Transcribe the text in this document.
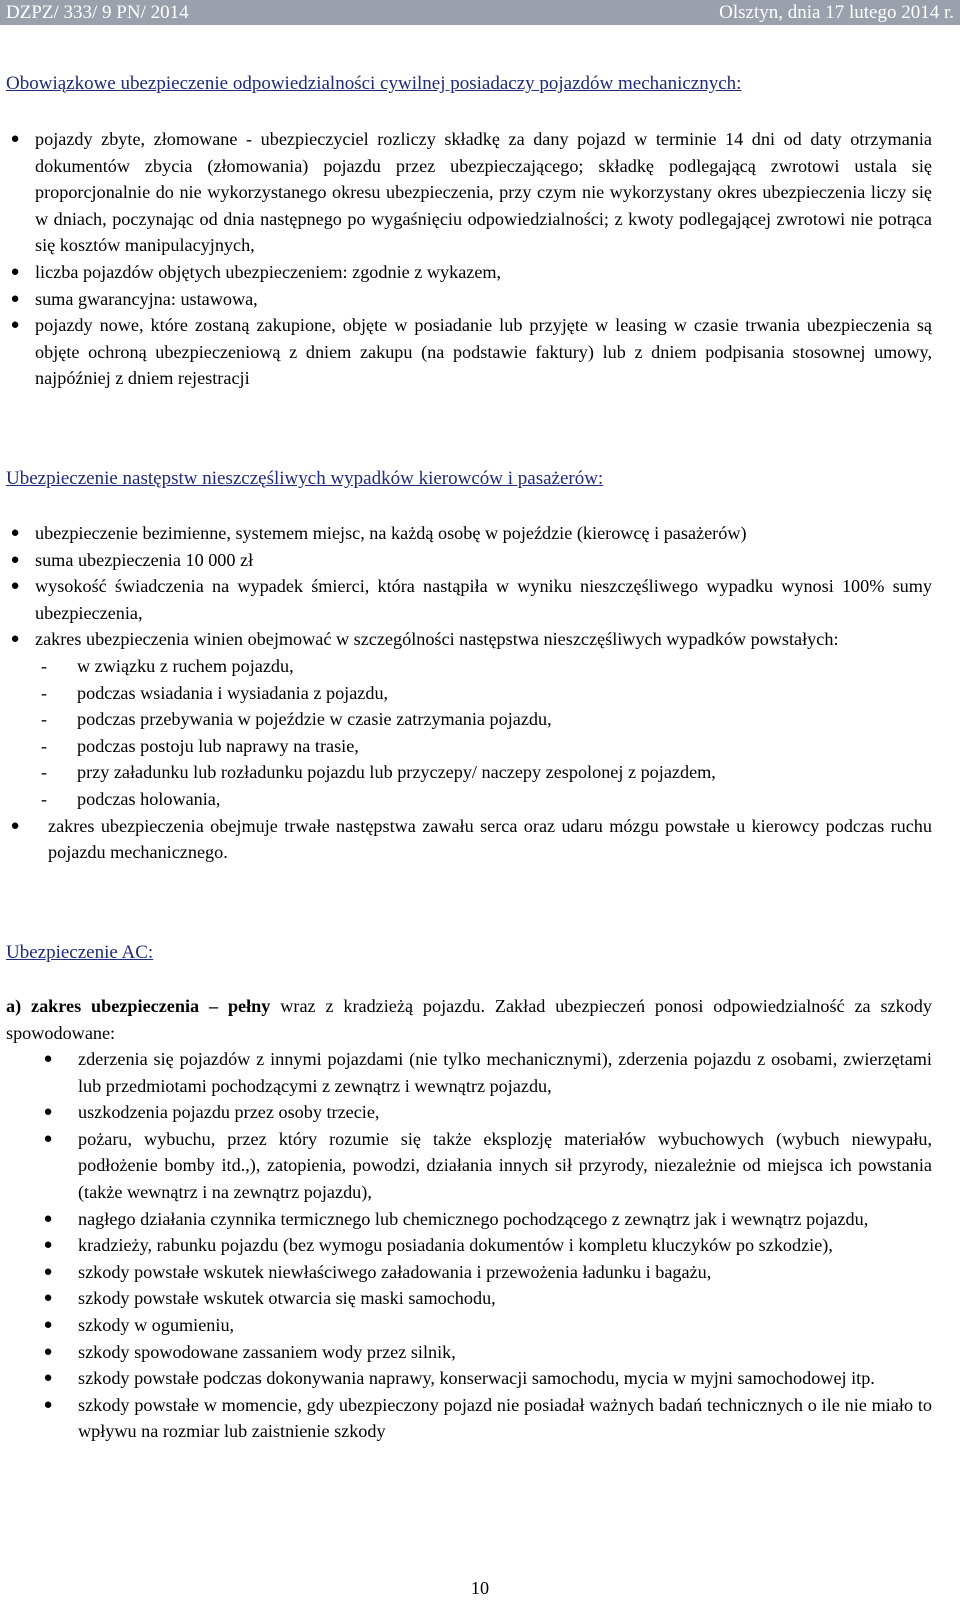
DZPZ/ 333/ 9 PN/ 2014	Olsztyn, dnia 17 lutego 2014 r.
Obowiązkowe ubezpieczenie odpowiedzialności cywilnej posiadaczy pojazdów mechanicznych:
● pojazdy zbyte, złomowane - ubezpieczyciel rozliczy składkę za dany pojazd w terminie 14 dni od daty otrzymania dokumentów zbycia (złomowania) pojazdu przez ubezpieczającego; składkę podlegającą zwrotowi ustala się proporcjonalnie do nie wykorzystanego okresu ubezpieczenia, przy czym nie wykorzystany okres ubezpieczenia liczy się w dniach, poczynając od dnia następnego po wygaśnięciu odpowiedzialności; z kwoty podlegającej zwrotowi nie potrąca się kosztów manipulacyjnych,
● liczba pojazdów objętych ubezpieczeniem: zgodnie z wykazem,
● suma gwarancyjna: ustawowa,
● pojazdy nowe, które zostaną zakupione, objęte w posiadanie lub przyjęte w leasing w czasie trwania ubezpieczenia są objęte ochroną ubezpieczeniową z dniem zakupu (na podstawie faktury) lub z dniem podpisania stosownej umowy, najpóźniej z dniem rejestracji
Ubezpieczenie następstw nieszczęśliwych wypadków kierowców i pasażerów:
● ubezpieczenie bezimienne, systemem miejsc, na każdą osobę w pojeździe (kierowcę i pasażerów)
● suma ubezpieczenia 10 000 zł
● wysokość świadczenia na wypadek śmierci, która nastąpiła w wyniku nieszczęśliwego wypadku wynosi 100% sumy ubezpieczenia,
● zakres ubezpieczenia winien obejmować w szczególności następstwa nieszczęśliwych wypadków powstałych:
- w związku z ruchem pojazdu,
- podczas wsiadania i wysiadania z pojazdu,
- podczas przebywania w pojeździe w czasie zatrzymania pojazdu,
- podczas postoju lub naprawy na trasie,
- przy załadunku lub rozładunku pojazdu lub przyczepy/ naczepy zespolonej z pojazdem,
- podczas holowania,
● zakres ubezpieczenia obejmuje trwałe następstwa zawału serca oraz udaru mózgu powstałe u kierowcy podczas ruchu pojazdu mechanicznego.
Ubezpieczenie AC:
a) zakres ubezpieczenia – pełny wraz z kradzieżą pojazdu. Zakład ubezpieczeń ponosi odpowiedzialność za szkody spowodowane:
● zderzenia się pojazdów z innymi pojazdami (nie tylko mechanicznymi), zderzenia pojazdu z osobami, zwierzętami lub przedmiotami pochodzącymi z zewnątrz i wewnątrz pojazdu,
● uszkodzenia pojazdu przez osoby trzecie,
● pożaru, wybuchu, przez który rozumie się także eksplozję materiałów wybuchowych (wybuch niewypału, podłożenie bomby itd.,), zatopienia, powodzi, działania innych sił przyrody, niezależnie od miejsca ich powstania (także wewnątrz i na zewnątrz pojazdu),
● nagłego działania czynnika termicznego lub chemicznego pochodzącego z zewnątrz jak i wewnątrz pojazdu,
● kradzieży, rabunku pojazdu (bez wymogu posiadania dokumentów i kompletu kluczyków po szkodzie),
● szkody powstałe wskutek niewłaściwego załadowania i przewożenia ładunku i bagażu,
● szkody powstałe wskutek otwarcia się maski samochodu,
● szkody w ogumieniu,
● szkody spowodowane zassaniem wody przez silnik,
● szkody powstałe podczas dokonywania naprawy, konserwacji samochodu, mycia w myjni samochodowej itp.
● szkody powstałe w momencie, gdy ubezpieczony pojazd nie posiadał ważnych badań technicznych o ile nie miało to wpływu na rozmiar lub zaistnienie szkody
10
